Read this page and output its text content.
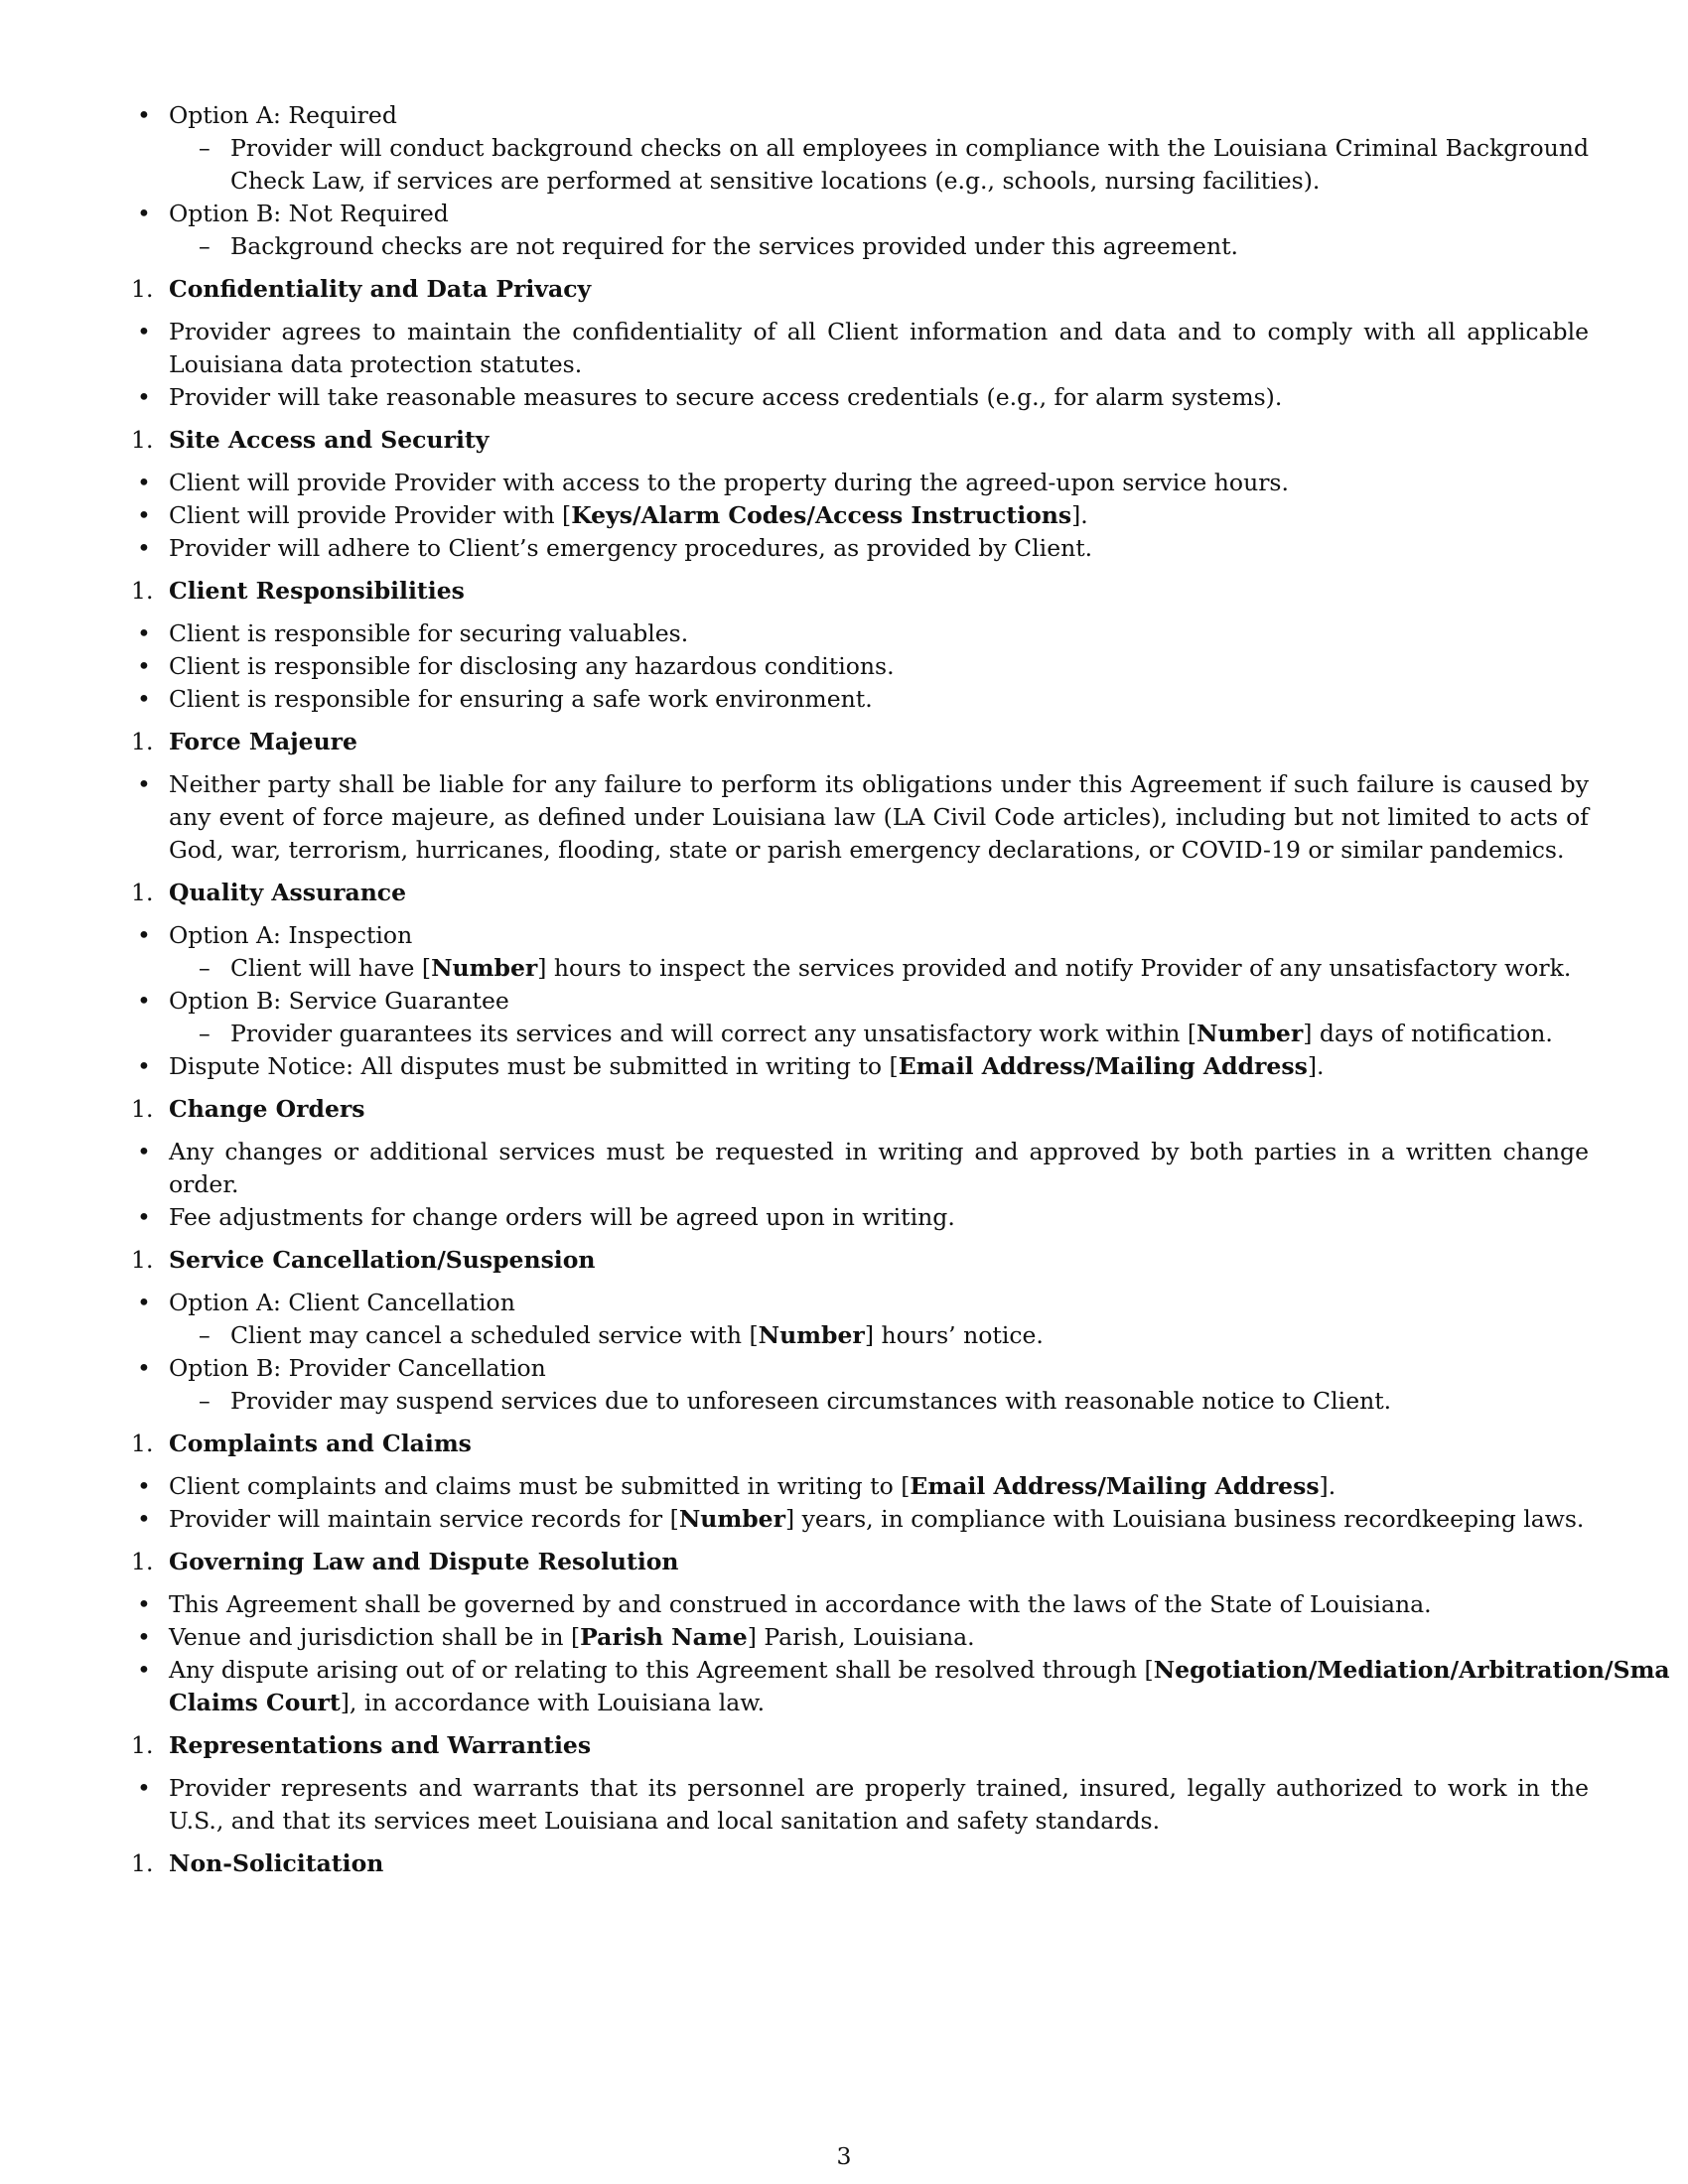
• Option A: Required
– Provider will conduct background checks on all employees in compliance with the Louisiana Criminal Background Check Law, if services are performed at sensitive locations (e.g., schools, nursing facilities).
• Option B: Not Required
– Background checks are not required for the services provided under this agreement.
1. Confidentiality and Data Privacy
• Provider agrees to maintain the confidentiality of all Client information and data and to comply with all applicable Louisiana data protection statutes.
• Provider will take reasonable measures to secure access credentials (e.g., for alarm systems).
1. Site Access and Security
• Client will provide Provider with access to the property during the agreed-upon service hours.
• Client will provide Provider with [Keys/Alarm Codes/Access Instructions].
• Provider will adhere to Client’s emergency procedures, as provided by Client.
1. Client Responsibilities
• Client is responsible for securing valuables.
• Client is responsible for disclosing any hazardous conditions.
• Client is responsible for ensuring a safe work environment.
1. Force Majeure
• Neither party shall be liable for any failure to perform its obligations under this Agreement if such failure is caused by any event of force majeure, as defined under Louisiana law (LA Civil Code articles), including but not limited to acts of God, war, terrorism, hurricanes, flooding, state or parish emergency declarations, or COVID-19 or similar pandemics.
1. Quality Assurance
• Option A: Inspection
– Client will have [Number] hours to inspect the services provided and notify Provider of any unsatisfactory work.
• Option B: Service Guarantee
– Provider guarantees its services and will correct any unsatisfactory work within [Number] days of notification.
• Dispute Notice: All disputes must be submitted in writing to [Email Address/Mailing Address].
1. Change Orders
• Any changes or additional services must be requested in writing and approved by both parties in a written change order.
• Fee adjustments for change orders will be agreed upon in writing.
1. Service Cancellation/Suspension
• Option A: Client Cancellation
– Client may cancel a scheduled service with [Number] hours’ notice.
• Option B: Provider Cancellation
– Provider may suspend services due to unforeseen circumstances with reasonable notice to Client.
1. Complaints and Claims
• Client complaints and claims must be submitted in writing to [Email Address/Mailing Address].
• Provider will maintain service records for [Number] years, in compliance with Louisiana business recordkeeping laws.
1. Governing Law and Dispute Resolution
• This Agreement shall be governed by and construed in accordance with the laws of the State of Louisiana.
• Venue and jurisdiction shall be in [Parish Name] Parish, Louisiana.
• Any dispute arising out of or relating to this Agreement shall be resolved through [Negotiation/Mediation/Arbitration/Sma
Claims Court], in accordance with Louisiana law.
1. Representations and Warranties
• Provider represents and warrants that its personnel are properly trained, insured, legally authorized to work in the U.S., and that its services meet Louisiana and local sanitation and safety standards.
1. Non-Solicitation
3
